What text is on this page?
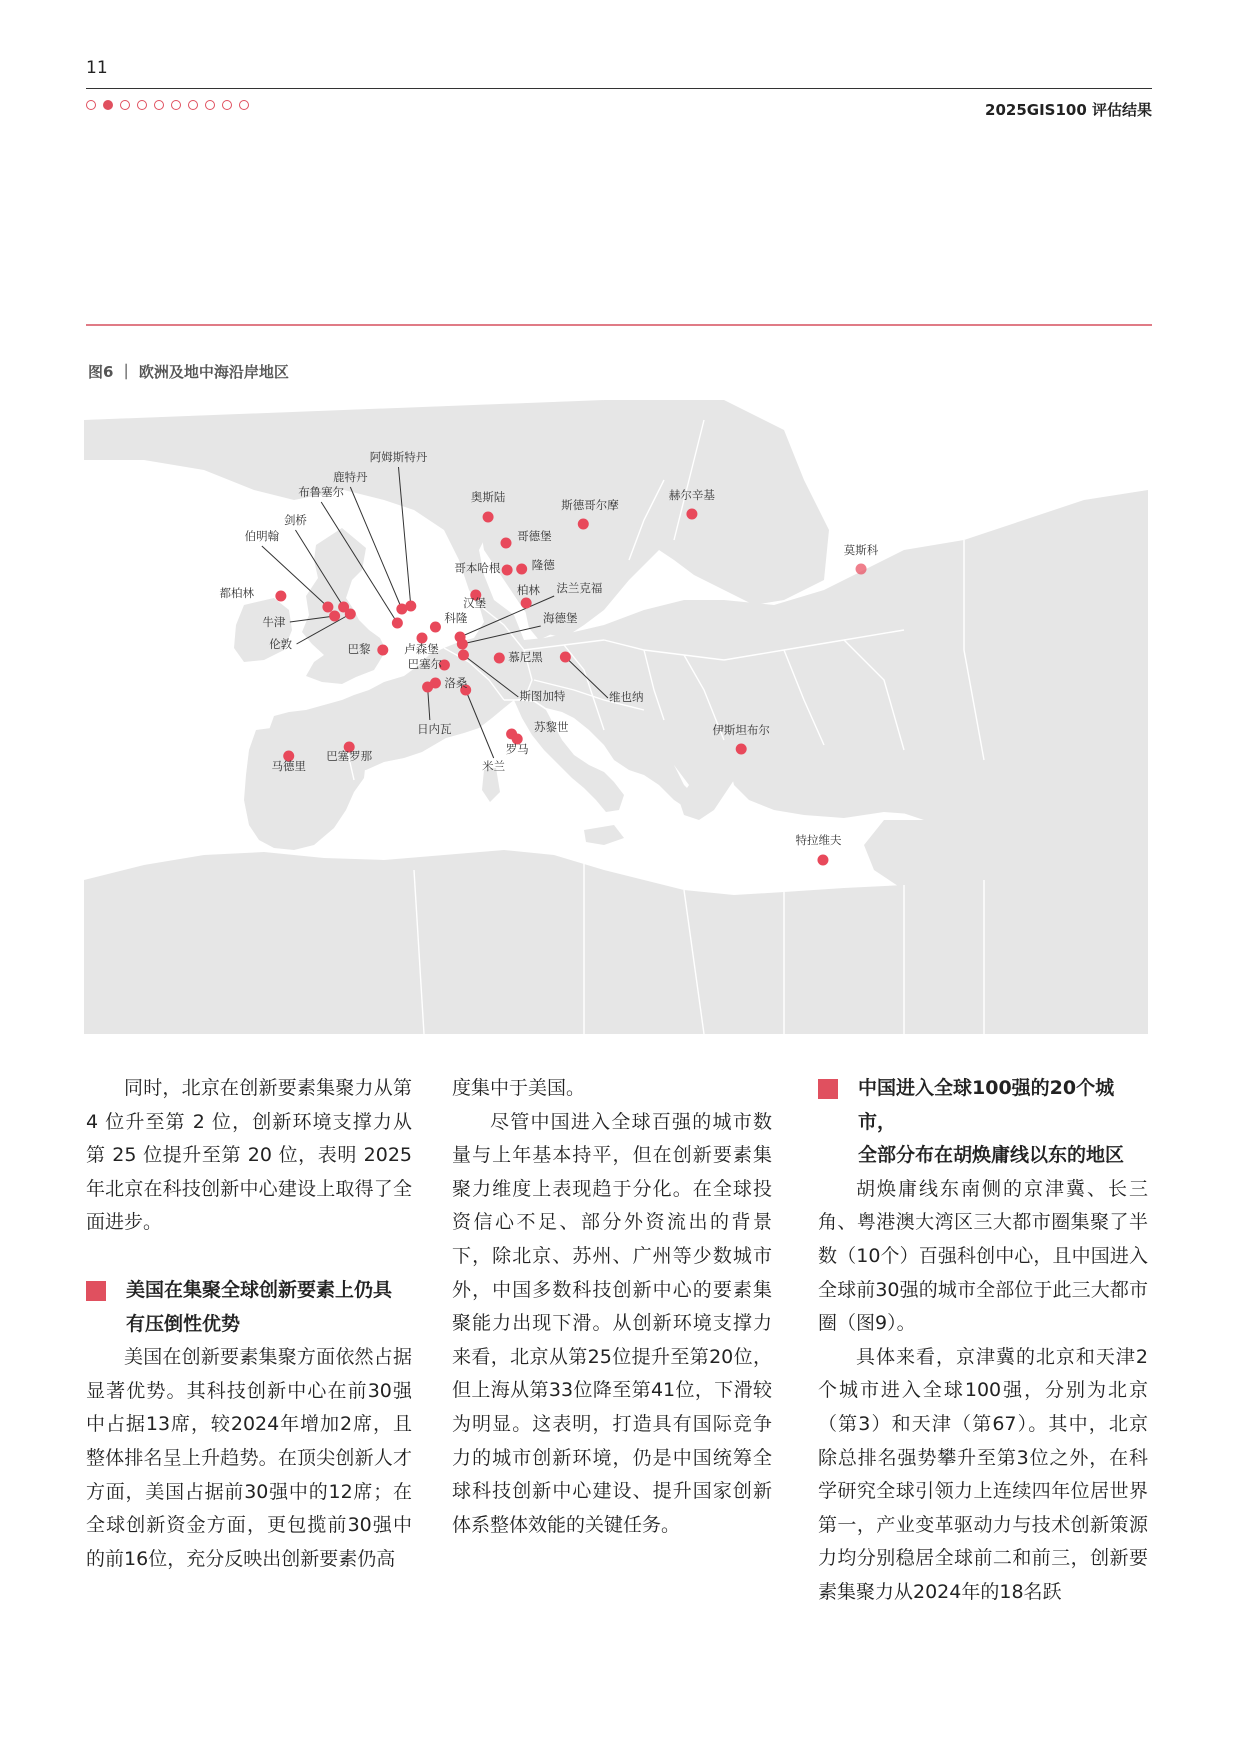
11
2025GIS100 评估结果
图6 ｜ 欧洲及地中海沿岸地区
阿姆斯特丹
鹿特丹
布鲁塞尔
剑桥
伯明翰
都柏林
牛津
伦敦	巴黎	卢森堡
巴塞尔
洛桑
日内瓦
科隆
汉堡
柏林 法兰克福
海德堡
慕尼黑
斯图加特
苏黎世
维也纳
米兰
罗马
奥斯陆
哥德堡
哥本哈根	隆德
斯德哥尔摩
赫尔辛基
莫斯科
马德里
巴塞罗那
伊斯坦布尔
特拉维夫

同时，北京在创新要素集聚力从第 4 位升至第 2 位，创新环境支撑力从第 25 位提升至第 20 位，表明 2025年北京在科技创新中心建设上取得了全面进步。

美国在集聚全球创新要素上仍具
有压倒性优势

美国在创新要素集聚方面依然占据显著优势。其科技创新中心在前30强中占据13席，较2024年增加2席，且整体排名呈上升趋势。在顶尖创新人才方面，美国占据前30强中的12席；在全球创新资金方面，更包揽前30强中的前16位，充分反映出创新要素仍高

度集中于美国。

尽管中国进入全球百强的城市数量与上年基本持平，但在创新要素集聚力维度上表现趋于分化。在全球投资信心不足、部分外资流出的背景下，除北京、苏州、广州等少数城市外，中国多数科技创新中心的要素集聚能力出现下滑。从创新环境支撑力来看，北京从第25位提升至第20位，但上海从第33位降至第41位，下滑较为明显。这表明，打造具有国际竞争力的城市创新环境，仍是中国统筹全球科技创新中心建设、提升国家创新体系整体效能的关键任务。

中国进入全球100强的20个城市，
全部分布在胡焕庸线以东的地区

胡焕庸线东南侧的京津冀、长三角、粤港澳大湾区三大都市圈集聚了半数（10个）百强科创中心，且中国进入全球前30强的城市全部位于此三大都市圈（图9）。

具体来看，京津冀的北京和天津2个城市进入全球100强，分别为北京（第3）和天津（第67）。其中，北京除总排名强势攀升至第3位之外，在科学研究全球引领力上连续四年位居世界第一，产业变革驱动力与技术创新策源力均分别稳居全球前二和前三，创新要素集聚力从2024年的18名跃
